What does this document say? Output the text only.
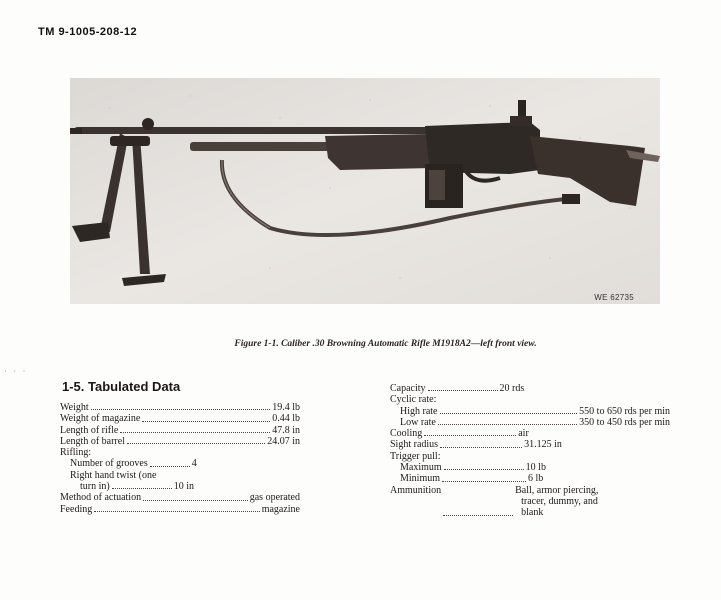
TM 9-1005-208-12
WE 62735
Figure 1-1. Caliber .30 Browning Automatic Rifle M1918A2—left front view.
· · ·
1-5. Tabulated Data
Weight	19.4 lb
Weight of magazine	0.44 lb
Length of rifle	47.8 in
Length of barrel	24.07 in
Rifling:
Number of grooves	4
Right hand twist (one
turn in)	10 in
Method of actuation	gas operated
Feeding	magazine
Capacity	20 rds
Cyclic rate:
High rate	550 to 650 rds per min
Low rate	350 to 450 rds per min
Cooling	air
Sight radius	31.125 in
Trigger pull:
Maximum	10 lb
Minimum	6 lb
Ammunition	Ball, armor piercing,
tracer, dummy, and
blank
